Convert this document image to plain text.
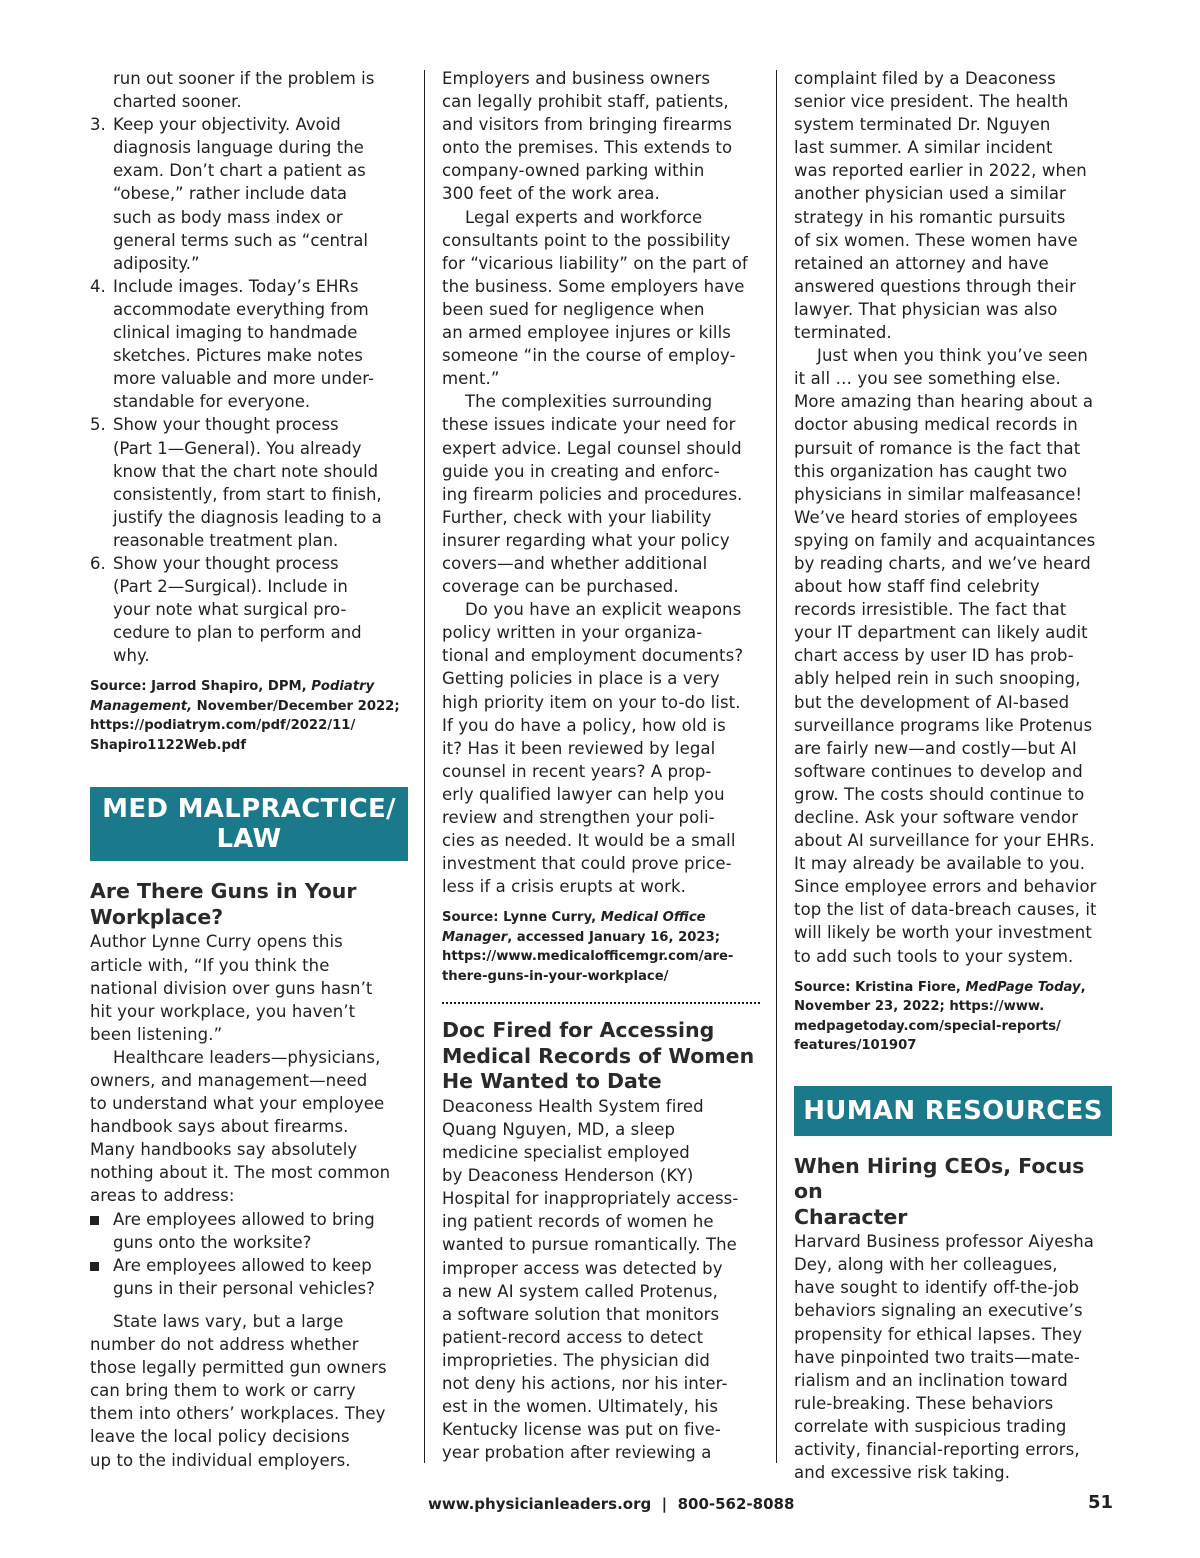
run out sooner if the problem is
charted sooner.
3. Keep your objectivity. Avoid
diagnosis language during the
exam. Don’t chart a patient as
“obese,” rather include data
such as body mass index or
general terms such as “central
adiposity.”
4. Include images. Today’s EHRs
accommodate everything from
clinical imaging to handmade
sketches. Pictures make notes
more valuable and more under-
standable for everyone.
5. Show your thought process
(Part 1—General). You already
know that the chart note should
consistently, from start to finish,
justify the diagnosis leading to a
reasonable treatment plan.
6. Show your thought process
(Part 2—Surgical). Include in
your note what surgical pro-
cedure to plan to perform and
why.
Source: Jarrod Shapiro, DPM, Podiatry Management, November/December 2022;
https://podiatrym.com/pdf/2022/11/
Shapiro1122Web.pdf
MED MALPRACTICE/
LAW
Are There Guns in Your
Workplace?

Author Lynne Curry opens this
article with, “If you think the
national division over guns hasn’t
hit your workplace, you haven’t
been listening.”

Healthcare leaders—physicians,
owners, and management—need
to understand what your employee
handbook says about firearms.
Many handbooks say absolutely
nothing about it. The most common
areas to address:

Are employees allowed to bring
guns onto the worksite?
Are employees allowed to keep
guns in their personal vehicles?

State laws vary, but a large
number do not address whether
those legally permitted gun owners
can bring them to work or carry
them into others’ workplaces. They
leave the local policy decisions
up to the individual employers.

Employers and business owners
can legally prohibit staff, patients,
and visitors from bringing firearms
onto the premises. This extends to
company-owned parking within
300 feet of the work area.

Legal experts and workforce
consultants point to the possibility
for “vicarious liability” on the part of
the business. Some employers have
been sued for negligence when
an armed employee injures or kills
someone “in the course of employ-
ment.”

The complexities surrounding
these issues indicate your need for
expert advice. Legal counsel should
guide you in creating and enforc-
ing firearm policies and procedures.
Further, check with your liability
insurer regarding what your policy
covers—and whether additional
coverage can be purchased.

Do you have an explicit weapons
policy written in your organiza-
tional and employment documents?
Getting policies in place is a very
high priority item on your to-do list.
If you do have a policy, how old is
it? Has it been reviewed by legal
counsel in recent years? A prop-
erly qualified lawyer can help you
review and strengthen your poli-
cies as needed. It would be a small
investment that could prove price-
less if a crisis erupts at work.

Source: Lynne Curry, Medical Office
Manager, accessed January 16, 2023;
https://www.medicalofficemgr.com/are-
there-guns-in-your-workplace/
Doc Fired for Accessing
Medical Records of Women
He Wanted to Date

Deaconess Health System fired
Quang Nguyen, MD, a sleep
medicine specialist employed
by Deaconess Henderson (KY)
Hospital for inappropriately access-
ing patient records of women he
wanted to pursue romantically. The
improper access was detected by
a new AI system called Protenus,
a software solution that monitors
patient-record access to detect
improprieties. The physician did
not deny his actions, nor his inter-
est in the women. Ultimately, his
Kentucky license was put on five-
year probation after reviewing a

complaint filed by a Deaconess
senior vice president. The health
system terminated Dr. Nguyen
last summer. A similar incident
was reported earlier in 2022, when
another physician used a similar
strategy in his romantic pursuits
of six women. These women have
retained an attorney and have
answered questions through their
lawyer. That physician was also
terminated.

Just when you think you’ve seen
it all … you see something else.
More amazing than hearing about a
doctor abusing medical records in
pursuit of romance is the fact that
this organization has caught two
physicians in similar malfeasance!
We’ve heard stories of employees
spying on family and acquaintances
by reading charts, and we’ve heard
about how staff find celebrity
records irresistible. The fact that
your IT department can likely audit
chart access by user ID has prob-
ably helped rein in such snooping,
but the development of AI-based
surveillance programs like Protenus
are fairly new—and costly—but AI
software continues to develop and
grow. The costs should continue to
decline. Ask your software vendor
about AI surveillance for your EHRs.
It may already be available to you.
Since employee errors and behavior
top the list of data-breach causes, it
will likely be worth your investment
to add such tools to your system.

Source: Kristina Fiore, MedPage Today,
November 23, 2022; https://www.
medpagetoday.com/special-reports/
features/101907
HUMAN RESOURCES
When Hiring CEOs, Focus on
Character

Harvard Business professor Aiyesha
Dey, along with her colleagues,
have sought to identify off-the-job
behaviors signaling an executive’s
propensity for ethical lapses. They
have pinpointed two traits—mate-
rialism and an inclination toward
rule-breaking. These behaviors
correlate with suspicious trading
activity, financial-reporting errors,
and excessive risk taking.

www.physicianleaders.org  |  800-562-8088	51
